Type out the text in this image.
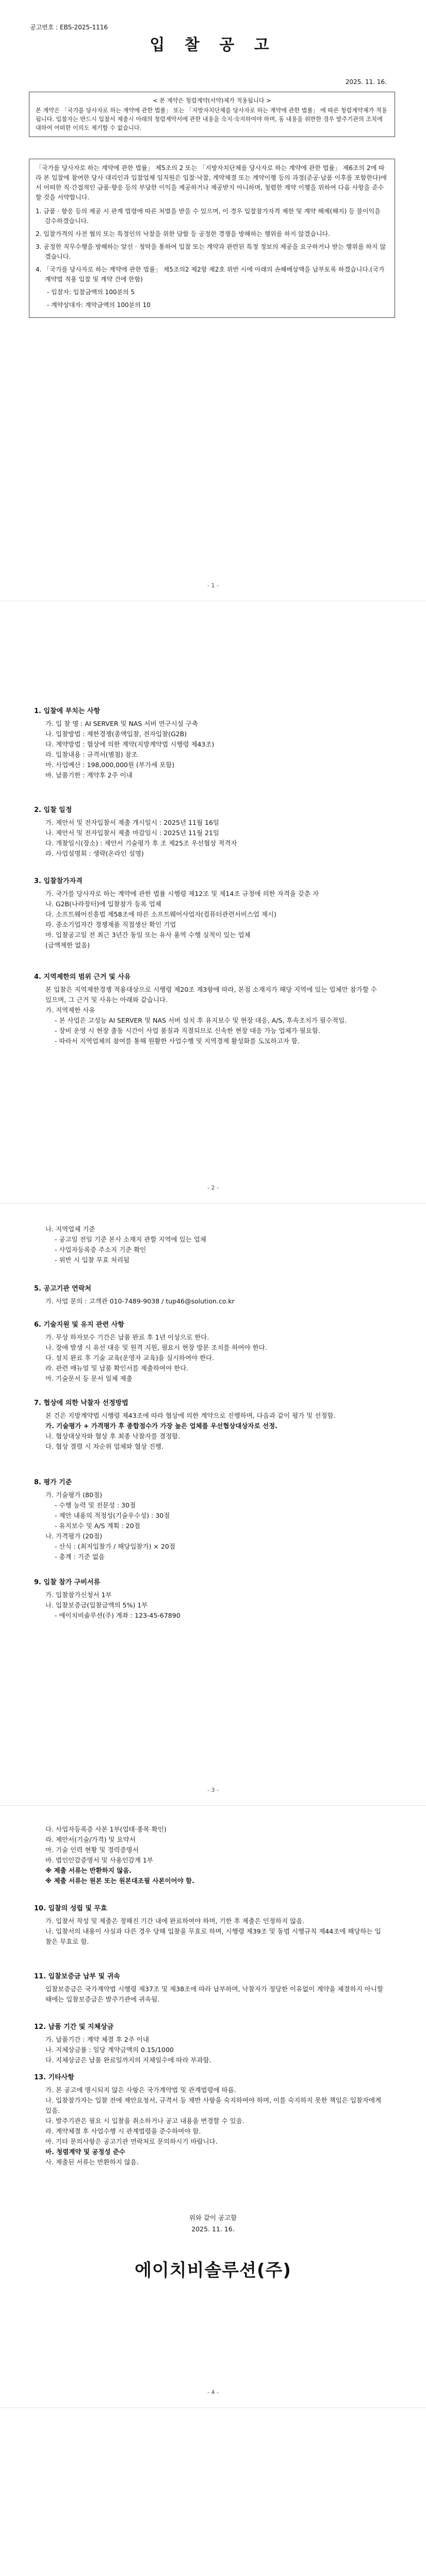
공고번호 : EBS-2025-1116
입 찰 공 고
2025. 11. 16.
< 본 계약은 청렴계약(서약)제가 적용됩니다 >
본 계약은 「국가를 당사자로 하는 계약에 관한 법률」 또는 「지방자치단체를 당사자로 하는 계약에 관한 법률」 에 따른 청렴계약제가 적용됩니다. 입찰자는 반드시 입찰서 제출시 아래의 청렴계약서에 관한 내용을 숙지·숙지하여야 하며, 동 내용을 위반한 경우 발주기관의 조치에 대하여 어떠한 이의도 제기할 수 없습니다.
「국가를 당사자로 하는 계약에 관한 법률」 제5조의 2 또는 「지방자치단체를 당사자로 하는 계약에 관한 법률」 제6조의 2에 따라 본 입찰에 참여한 당사 대리인과 입찰업체 임직원은 입찰·낙찰, 계약체결 또는 계약이행 등의 과정(준공·납품 이후를 포함한다)에서 어떠한 직·간접적인 금품·향응 등의 부당한 이익을 제공하거나 제공받지 아니하며, 청렴한 계약 이행을 위하여 다음 사항을 준수할 것을 서약합니다.
1. 금품 · 향응 등의 제공 시 관계 법령에 따른 처벌을 받을 수 있으며, 이 경우 입찰참가자격 제한 및 계약 해제(해지) 등 불이익을 감수하겠습니다.
2. 입찰가격의 사전 협의 또는 특정인의 낙찰을 위한 담합 등 공정한 경쟁을 방해하는 행위를 하지 않겠습니다.
3. 공정한 직무수행을 방해하는 알선 · 청탁을 통하여 입찰 또는 계약과 관련된 특정 정보의 제공을 요구하거나 받는 행위를 하지 않겠습니다.
4. 「국가를 당사자로 하는 계약에 관한 법률」 제5조의2 제2항 제2호 위반 시에 아래의 손해배상액을 납부토록 하겠습니다.(국가계약법 적용 입찰 및 계약 건에 한함)
- 입찰자: 입찰금액의 100분의 5
- 계약상대자: 계약금액의 100분의 10
- 1 -
1. 입찰에 부치는 사항

가. 입 찰 명 : AI SERVER 및 NAS 서버 연구시설 구축

나. 입찰방법 : 제한경쟁(총액입찰, 전자입찰(G2B)

다. 계약방법 : 협상에 의한 계약(지방계약법 시행령 제43조)

라. 입찰내용 : 규격서(별첨) 참조

마. 사업예산 : 198,000,000원 (부가세 포함)

바. 납품기한 : 계약후 2주 이내

2. 입찰 일정

가. 제안서 및 전자입찰서 제출 개시일시 : 2025년 11월 16일

나. 제안서 및 전자입찰서 제출 마감일시 : 2025년 11월 21일

다. 개찰일시(장소) : 제안서 기술평가 후 조 제25조 우선협상 적격자

라. 사업설명회 : 생략(온라인 설명)

3. 입찰참가자격

가. 국가를 당사자로 하는 계약에 관한 법률 시행령 제12조 및 제14조 규정에 의한 자격을 갖춘 자

나. G2B(나라장터)에 입찰참가 등록 업체

다. 소프트웨어진흥법 제58조에 따른 소프트웨어사업자(컴퓨터관련서비스업 제시)

라. 중소기업자간 경쟁제품 직접생산 확인 기업

마. 입찰공고일 전 최근 3년간 동일 또는 유사 용역 수행 실적이 있는 업체

(금액제한 없음)

4. 지역제한의 범위 근거 및 사유

본 입찰은 지역제한경쟁 적용대상으로 시행령 제20조 제3항에 따라, 본점 소재지가 해당 지역에 있는 업체만 참가할 수 있으며, 그 근거 및 사유는 아래와 같습니다.

가. 지역제한 사유

- 본 사업은 고성능 AI SERVER 및 NAS 서버 설치 후 유지보수 및 현장 대응, A/S, 후속조치가 필수적임.

- 장비 운영 시 현장 출동 시간이 사업 품질과 직결되므로 신속한 현장 대응 가능 업체가 필요함.

- 따라서 지역업체의 참여를 통해 원활한 사업수행 및 지역경제 활성화를 도모하고자 함.

- 2 -

나. 지역업체 기준

- 공고일 전일 기준 본사 소재지 관할 지역에 있는 업체

- 사업자등록증 주소지 기준 확인

- 위반 시 입찰 무효 처리됨

5. 공고기관 연락처

가. 사업 문의 : 고객관 010-7489-9038 / tup46@solution.co.kr

6. 기술지원 및 유지 관련 사항

가. 무상 하자보수 기간은 납품 완료 후 1년 이상으로 한다.

나. 장애 발생 시 유선 대응 및 원격 지원, 필요시 현장 방문 조치를 하여야 한다.

다. 설치 완료 후 기술 교육(운영자 교육)을 실시하여야 한다.

라. 관련 매뉴얼 및 납품 확인서를 제출하여야 한다.

마. 기술문서 등 문서 일체 제출

7. 협상에 의한 낙찰자 선정방법

본 건은 지방계약법 시행령 제43조에 따라 협상에 의한 계약으로 진행하며, 다음과 같이 평가 및 선정함.

가. 기술평가 + 가격평가 후 종합점수가 가장 높은 업체를 우선협상대상자로 선정.

나. 협상대상자와 협상 후 최종 낙찰자를 결정함.

다. 협상 결렬 시 차순위 업체와 협상 진행.

8. 평가 기준

가. 기술평가 (80점)

- 수행 능력 및 전문성 : 30점

- 제안 내용의 적정성(기술우수성) : 30점

- 유지보수 및 A/S 계획 : 20점

나. 가격평가 (20점)

- 산식 : (최저입찰가 / 해당입찰가) × 20점

- 총계 : 기준 없음

9. 입찰 참가 구비서류

가. 입찰참가신청서 1부

나. 입찰보증금(입찰금액의 5%) 1부

- 에이치비솔루션(주) 계좌 : 123-45-67890

- 3 -

다. 사업자등록증 사본 1부(업태·종목 확인)

라. 제안서(기술/가격) 및 요약서

마. 기술 인력 현황 및 경력증명서

바. 법인인감증명서 및 사용인감계 1부

※ 제출 서류는 반환하지 않음.

※ 제출 서류는 원본 또는 원본대조필 사본이어야 함.

10. 입찰의 성립 및 무효

가. 입찰서 작성 및 제출은 정해진 기간 내에 완료하여야 하며, 기한 후 제출은 인정하지 않음.

나. 입찰서의 내용이 사실과 다른 경우 당해 입찰을 무효로 하며, 시행령 제39조 및 동법 시행규칙 제44조에 해당하는 입찰은 무효로 함.

11. 입찰보증금 납부 및 귀속

입찰보증금은 국가계약법 시행령 제37조 및 제38조에 따라 납부하며, 낙찰자가 정당한 이유없이 계약을 체결하지 아니할 때에는 입찰보증금은 발주기관에 귀속됨.

12. 납품 기간 및 지체상금

가. 납품기간 : 계약 체결 후 2주 이내

나. 지체상금률 : 일당 계약금액의 0.15/1000

다. 지체상금은 납품 완료일까지의 지체일수에 따라 부과함.

13. 기타사항

가. 본 공고에 명시되지 않은 사항은 국가계약법 및 관계법령에 따름.

나. 입찰참가자는 입찰 전에 제안요청서, 규격서 등 제반 사항을 숙지하여야 하며, 이를 숙지하지 못한 책임은 입찰자에게 있음.

다. 발주기관은 필요 시 입찰을 취소하거나 공고 내용을 변경할 수 있음.

라. 계약체결 후 사업수행 시 관계법령을 준수하여야 함.

마. 기타 문의사항은 공고기관 연락처로 문의하시기 바랍니다.

바. 청렴계약 및 공정성 준수

사. 제출된 서류는 반환하지 않음.

위와 같이 공고함
2025. 11. 16.
에이치비솔루션(주)
- 4 -
